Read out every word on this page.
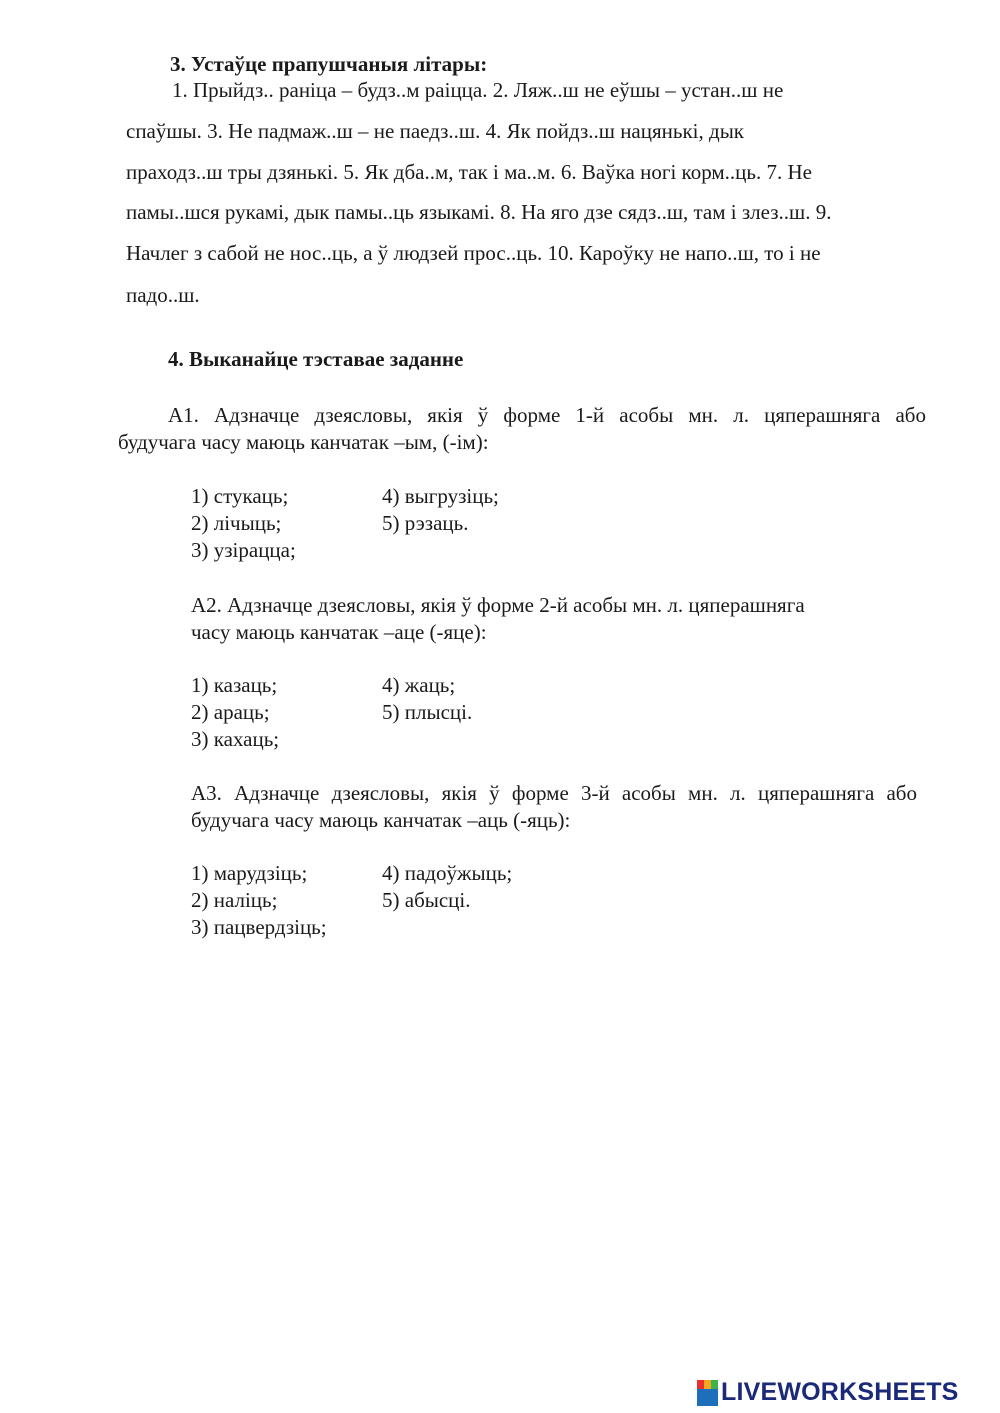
3. Устаўце прапушчаныя літары:
1. Прыйдз.. раніца – будз..м раіцца. 2. Ляж..ш не еўшы – устан..ш не
спаўшы. 3. Не падмаж..ш – не паедз..ш. 4. Як пойдз..ш нацянькі, дык
праходз..ш тры дзянькі. 5. Як дба..м, так і ма..м. 6. Ваўка ногі корм..ць. 7. Не
памы..шся рукамі, дык памы..ць языкамі. 8. На яго дзе сядз..ш, там і злез..ш. 9.
Начлег з сабой не нос..ць, а ў людзей прос..ць. 10. Кароўку не напо..ш, то і не
падо..ш.
4. Выканайце тэставае заданне
А1. Адзначце дзеясловы, якія ў форме 1-й асобы мн. л. цяперашняга або
будучага часу маюць канчатак –ым, (-ім):
1) стукаць;
2) лічыць;
3) узірацца;
4) выгрузіць;
5) рэзаць.
А2. Адзначце дзеясловы, якія ў форме 2-й асобы мн. л. цяперашняга
часу маюць канчатак –аце (-яце):
1) казаць;
2) араць;
3) кахаць;
4) жаць;
5) плысці.
А3. Адзначце дзеясловы, якія ў форме 3-й асобы мн. л. цяперашняга або
будучага часу маюць канчатак –аць (-яць):
1) марудзіць;
2) наліць;
3) пацвердзіць;
4) падоўжыць;
5) абысці.
LIVEWORKSHEETS
